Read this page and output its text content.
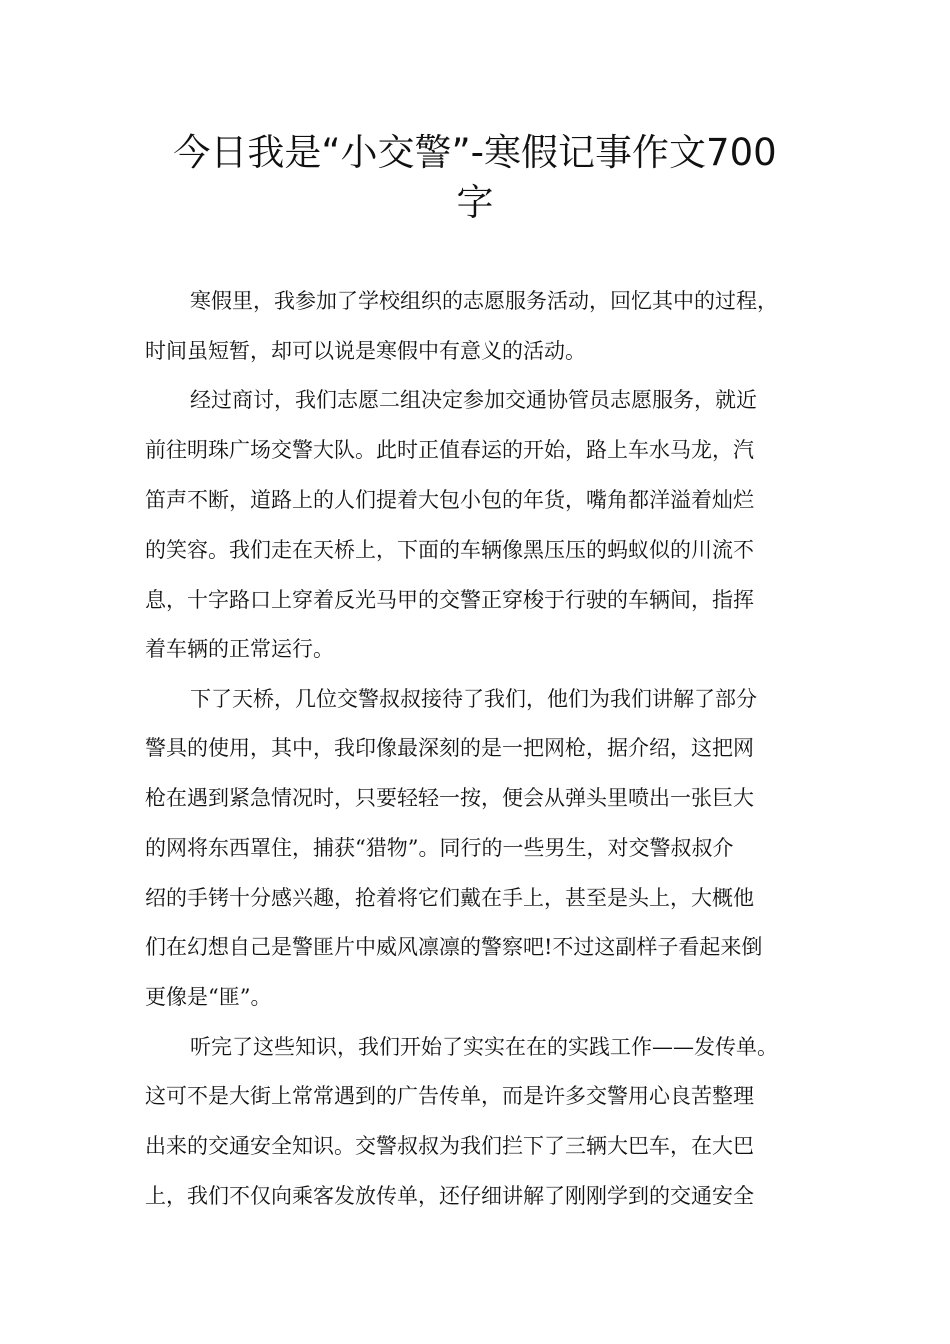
今日我是“小交警”-寒假记事作文700
字

寒假里，我参加了学校组织的志愿服务活动，回忆其中的过程，

时间虽短暂，却可以说是寒假中有意义的活动。

经过商讨，我们志愿二组决定参加交通协管员志愿服务，就近

前往明珠广场交警大队。此时正值春运的开始，路上车水马龙，汽

笛声不断，道路上的人们提着大包小包的年货，嘴角都洋溢着灿烂

的笑容。我们走在天桥上，下面的车辆像黑压压的蚂蚁似的川流不

息，十字路口上穿着反光马甲的交警正穿梭于行驶的车辆间，指挥

着车辆的正常运行。

下了天桥，几位交警叔叔接待了我们，他们为我们讲解了部分

警具的使用，其中，我印像最深刻的是一把网枪，据介绍，这把网

枪在遇到紧急情况时，只要轻轻一按，便会从弹头里喷出一张巨大

的网将东西罩住，捕获“猎物”。同行的一些男生，对交警叔叔介

绍的手铐十分感兴趣，抢着将它们戴在手上，甚至是头上，大概他

们在幻想自己是警匪片中威风凛凛的警察吧!不过这副样子看起来倒

更像是“匪”。

听完了这些知识，我们开始了实实在在的实践工作——发传单。

这可不是大街上常常遇到的广告传单，而是许多交警用心良苦整理

出来的交通安全知识。交警叔叔为我们拦下了三辆大巴车，在大巴

上，我们不仅向乘客发放传单，还仔细讲解了刚刚学到的交通安全
